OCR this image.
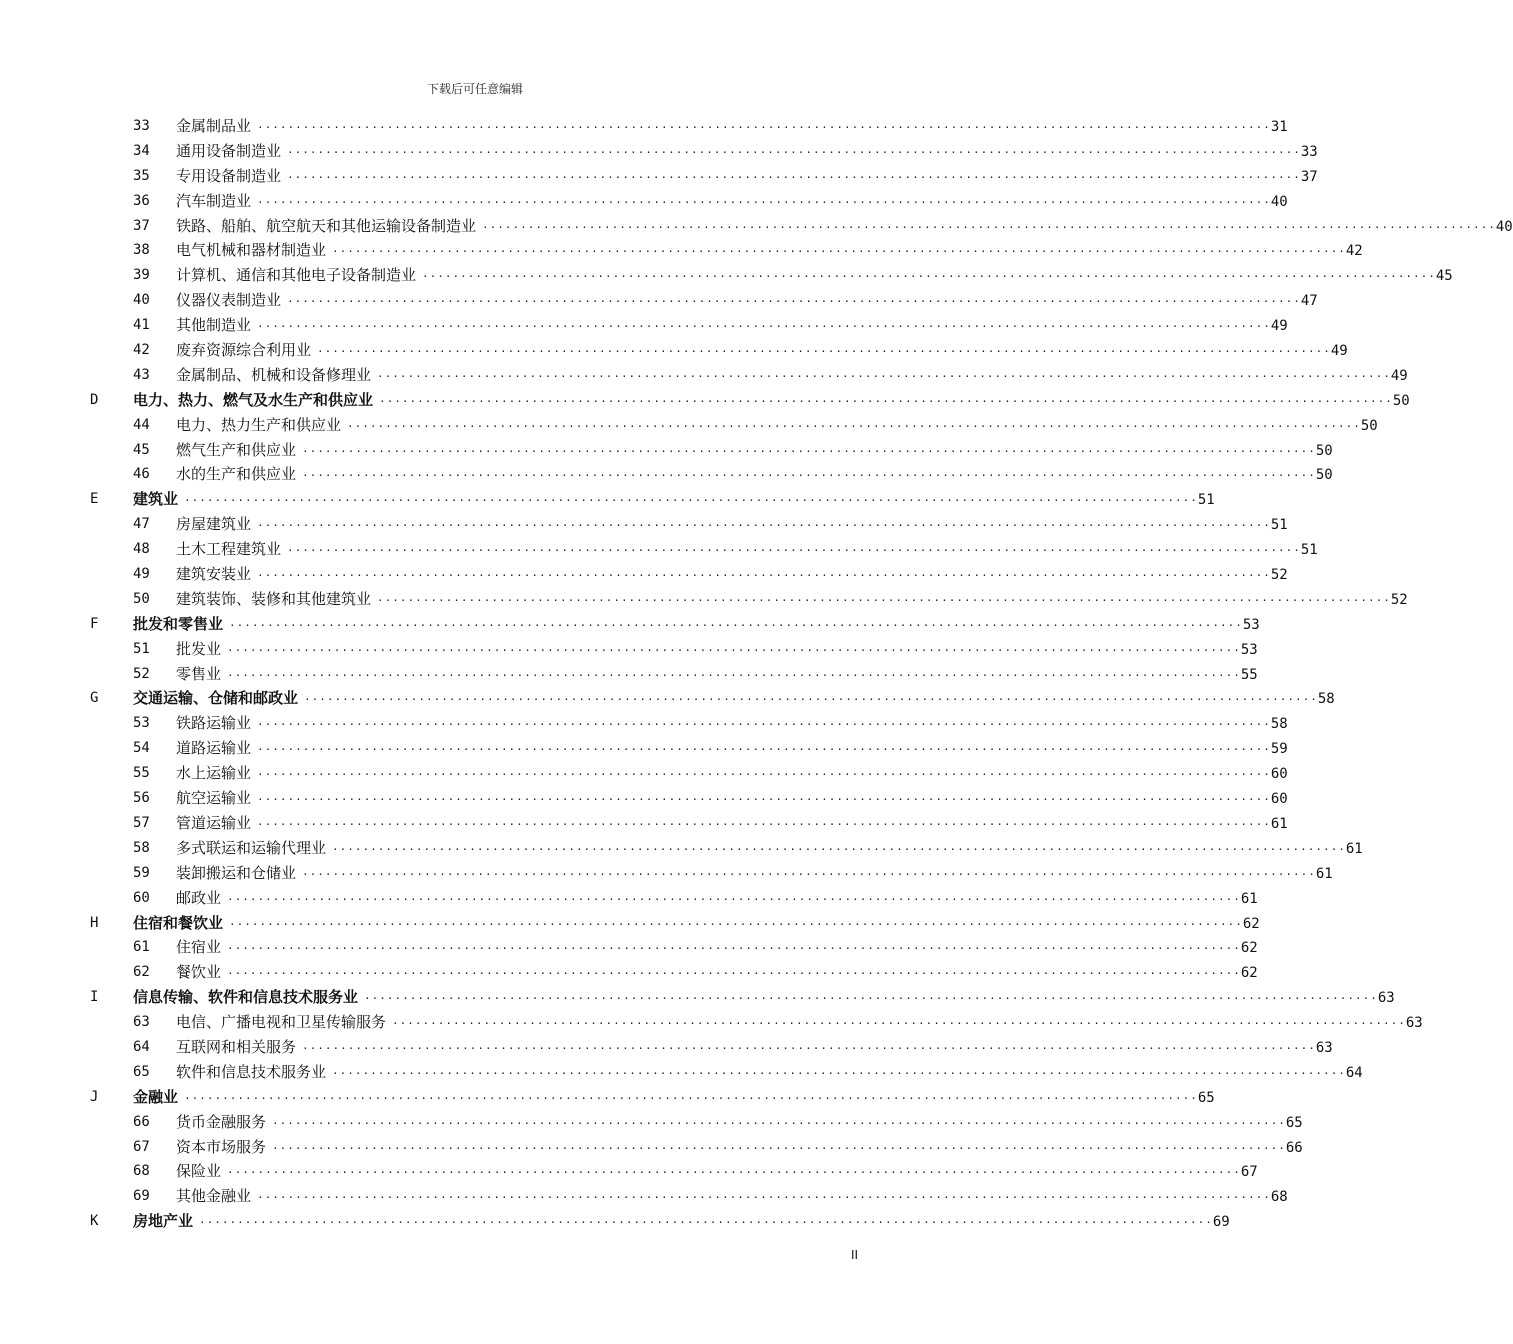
下载后可任意编辑
33	金属制品业 ····································································································································· 31
34	通用设备制造业 ····································································································································· 33
35	专用设备制造业 ····································································································································· 37
36	汽车制造业 ····································································································································· 40
37	铁路、船舶、航空航天和其他运输设备制造业 ····································································································································· 40
38	电气机械和器材制造业 ····································································································································· 42
39	计算机、通信和其他电子设备制造业 ····································································································································· 45
40	仪器仪表制造业 ····································································································································· 47
41	其他制造业 ····································································································································· 49
42	废弃资源综合利用业 ····································································································································· 49
43	金属制品、机械和设备修理业 ····································································································································· 49
D	电力、热力、燃气及水生产和供应业 ····································································································································· 50
44	电力、热力生产和供应业 ····································································································································· 50
45	燃气生产和供应业 ····································································································································· 50
46	水的生产和供应业 ····································································································································· 50
E	建筑业 ····································································································································· 51
47	房屋建筑业 ····································································································································· 51
48	土木工程建筑业 ····································································································································· 51
49	建筑安装业 ····································································································································· 52
50	建筑装饰、装修和其他建筑业 ····································································································································· 52
F	批发和零售业 ····································································································································· 53
51	批发业 ····································································································································· 53
52	零售业 ····································································································································· 55
G	交通运输、仓储和邮政业 ····································································································································· 58
53	铁路运输业 ····································································································································· 58
54	道路运输业 ····································································································································· 59
55	水上运输业 ····································································································································· 60
56	航空运输业 ····································································································································· 60
57	管道运输业 ····································································································································· 61
58	多式联运和运输代理业 ····································································································································· 61
59	装卸搬运和仓储业 ····································································································································· 61
60	邮政业 ····································································································································· 61
H	住宿和餐饮业 ····································································································································· 62
61	住宿业 ····································································································································· 62
62	餐饮业 ····································································································································· 62
I	信息传输、软件和信息技术服务业 ····································································································································· 63
63	电信、广播电视和卫星传输服务 ····································································································································· 63
64	互联网和相关服务 ····································································································································· 63
65	软件和信息技术服务业 ····································································································································· 64
J	金融业 ····································································································································· 65
66	货币金融服务 ····································································································································· 65
67	资本市场服务 ····································································································································· 66
68	保险业 ····································································································································· 67
69	其他金融业 ····································································································································· 68
K	房地产业 ····································································································································· 69
II
